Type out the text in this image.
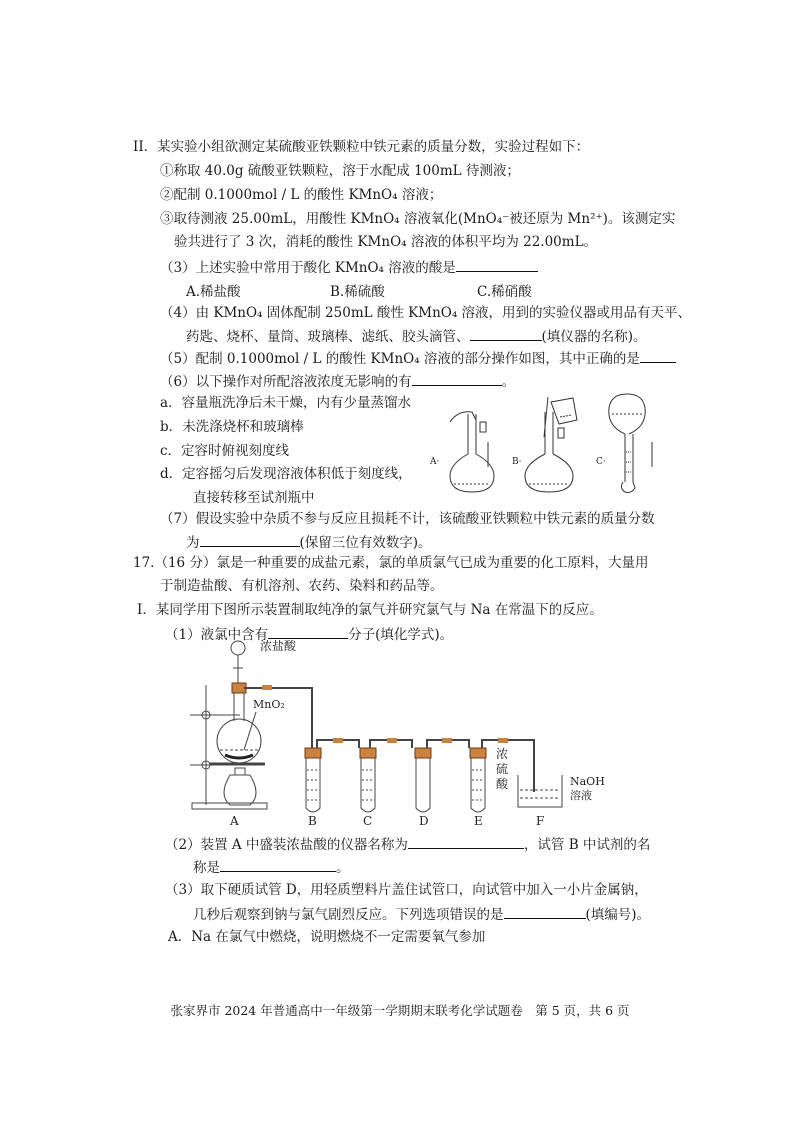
II．某实验小组欲测定某硫酸亚铁颗粒中铁元素的质量分数，实验过程如下：
①称取 40.0g 硫酸亚铁颗粒，溶于水配成 100mL 待测液；
②配制 0.1000mol / L 的酸性 KMnO₄ 溶液；
③取待测液 25.00mL，用酸性 KMnO₄ 溶液氧化(MnO₄⁻被还原为 Mn²⁺)。该测定实
验共进行了 3 次，消耗的酸性 KMnO₄ 溶液的体积平均为 22.00mL。
（3）上述实验中常用于酸化 KMnO₄ 溶液的酸是
A.稀盐酸	B.稀硫酸	C.稀硝酸
（4）由 KMnO₄ 固体配制 250mL 酸性 KMnO₄ 溶液，用到的实验仪器或用品有天平、
药匙、烧杯、量筒、玻璃棒、滤纸、胶头滴管、	(填仪器的名称)。
（5）配制 0.1000mol / L 的酸性 KMnO₄ 溶液的部分操作如图，其中正确的是
（6）以下操作对所配溶液浓度无影响的有	。
a．容量瓶洗净后未干燥，内有少量蒸馏水
b．未洗涤烧杯和玻璃棒
c．定容时俯视刻度线
d．定容摇匀后发现溶液体积低于刻度线，
直接转移至试剂瓶中
A·	B·	C·
（7）假设实验中杂质不参与反应且损耗不计，该硫酸亚铁颗粒中铁元素的质量分数
为	(保留三位有效数字)。
17.（16 分）氯是一种重要的成盐元素，氯的单质氯气已成为重要的化工原料，大量用
于制造盐酸、有机溶剂、农药、染料和药品等。
Ⅰ．某同学用下图所示装置制取纯净的氯气并研究氯气与 Na 在常温下的反应。
（1）液氯中含有	分子(填化学式)。
浓盐酸
MnO₂
浓
硫
酸	NaOH
溶液
A	B	C	D	E	F
（2）装置 A 中盛装浓盐酸的仪器名称为	，试管 B 中试剂的名
称是	。
（3）取下硬质试管 D，用轻质塑料片盖住试管口，向试管中加入一小片金属钠，
几秒后观察到钠与氯气剧烈反应。下列选项错误的是	(填编号)。
A．Na 在氯气中燃烧，说明燃烧不一定需要氧气参加
张家界市 2024 年普通高中一年级第一学期期末联考化学试题卷　第 5 页，共 6 页
